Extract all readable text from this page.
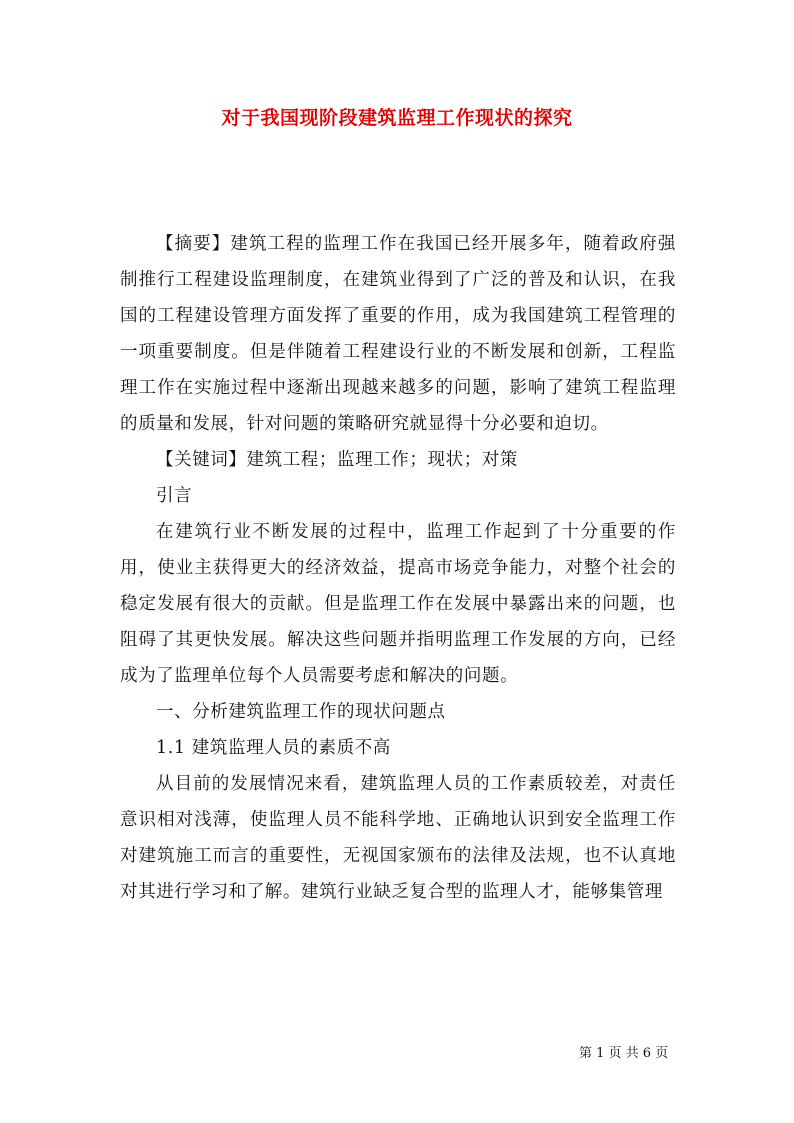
对于我国现阶段建筑监理工作现状的探究

【摘要】建筑工程的监理工作在我国已经开展多年，随着政府强制推行工程建设监理制度，在建筑业得到了广泛的普及和认识，在我国的工程建设管理方面发挥了重要的作用，成为我国建筑工程管理的一项重要制度。但是伴随着工程建设行业的不断发展和创新，工程监理工作在实施过程中逐渐出现越来越多的问题，影响了建筑工程监理的质量和发展，针对问题的策略研究就显得十分必要和迫切。

【关键词】建筑工程；监理工作；现状；对策

引言

在建筑行业不断发展的过程中，监理工作起到了十分重要的作用，使业主获得更大的经济效益，提高市场竞争能力，对整个社会的稳定发展有很大的贡献。但是监理工作在发展中暴露出来的问题，也阻碍了其更快发展。解决这些问题并指明监理工作发展的方向，已经成为了监理单位每个人员需要考虑和解决的问题。

一、分析建筑监理工作的现状问题点

1.1 建筑监理人员的素质不高

从目前的发展情况来看，建筑监理人员的工作素质较差，对责任意识相对浅薄，使监理人员不能科学地、正确地认识到安全监理工作对建筑施工而言的重要性，无视国家颁布的法律及法规，也不认真地对其进行学习和了解。建筑行业缺乏复合型的监理人才，能够集管理

第 1 页 共 6 页
